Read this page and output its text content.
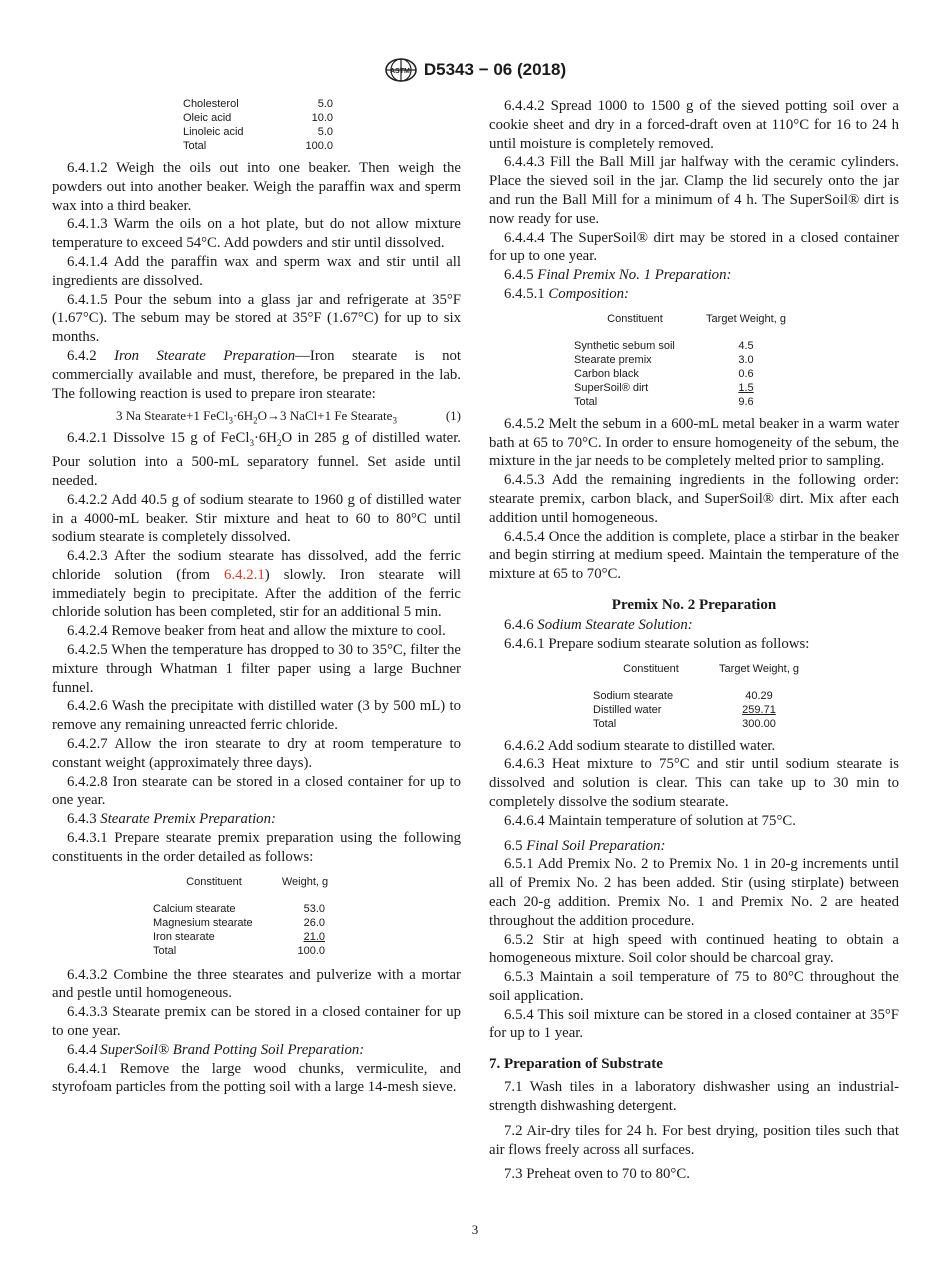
ASTM D5343 − 06 (2018)
Cholesterol	5.0
Oleic acid	10.0
Linoleic acid	5.0
Total	100.0

6.4.1.2 Weigh the oils out into one beaker. Then weigh the powders out into another beaker. Weigh the paraffin wax and sperm wax into a third beaker.

6.4.1.3 Warm the oils on a hot plate, but do not allow mixture temperature to exceed 54°C. Add powders and stir until dissolved.

6.4.1.4 Add the paraffin wax and sperm wax and stir until all ingredients are dissolved.

6.4.1.5 Pour the sebum into a glass jar and refrigerate at 35°F (1.67°C). The sebum may be stored at 35°F (1.67°C) for up to six months.

6.4.2 Iron Stearate Preparation—Iron stearate is not commercially available and must, therefore, be prepared in the lab. The following reaction is used to prepare iron stearate:

3 Na Stearate+1 $FeCl_3\cdot 6H_2O\to 3$ NaCl+1 Fe Stearate$_3$	(1)

6.4.2.1 Dissolve 15 g of $FeCl_3\cdot 6H_2O$ in 285 g of distilled water. Pour solution into a 500-mL separatory funnel. Set aside until needed.

6.4.2.2 Add 40.5 g of sodium stearate to 1960 g of distilled water in a 4000-mL beaker. Stir mixture and heat to 60 to 80°C until sodium stearate is completely dissolved.

6.4.2.3 After the sodium stearate has dissolved, add the ferric chloride solution (from 6.4.2.1) slowly. Iron stearate will immediately begin to precipitate. After the addition of the ferric chloride solution has been completed, stir for an additional 5 min.

6.4.2.4 Remove beaker from heat and allow the mixture to cool.

6.4.2.5 When the temperature has dropped to 30 to 35°C, filter the mixture through Whatman 1 filter paper using a large Buchner funnel.

6.4.2.6 Wash the precipitate with distilled water (3 by 500 mL) to remove any remaining unreacted ferric chloride.

6.4.2.7 Allow the iron stearate to dry at room temperature to constant weight (approximately three days).

6.4.2.8 Iron stearate can be stored in a closed container for up to one year.

6.4.3 Stearate Premix Preparation:

6.4.3.1 Prepare stearate premix preparation using the following constituents in the order detailed as follows:

Constituent	Weight, g
Calcium stearate	53.0
Magnesium stearate	26.0
Iron stearate	21.0
Total	100.0

6.4.3.2 Combine the three stearates and pulverize with a mortar and pestle until homogeneous.

6.4.3.3 Stearate premix can be stored in a closed container for up to one year.

6.4.4 SuperSoil® Brand Potting Soil Preparation:

6.4.4.1 Remove the large wood chunks, vermiculite, and styrofoam particles from the potting soil with a large 14-mesh sieve.

6.4.4.2 Spread 1000 to 1500 g of the sieved potting soil over a cookie sheet and dry in a forced-draft oven at 110°C for 16 to 24 h until moisture is completely removed.

6.4.4.3 Fill the Ball Mill jar halfway with the ceramic cylinders. Place the sieved soil in the jar. Clamp the lid securely onto the jar and run the Ball Mill for a minimum of 4 h. The SuperSoil® dirt is now ready for use.

6.4.4.4 The SuperSoil® dirt may be stored in a closed container for up to one year.

6.4.5 Final Premix No. 1 Preparation:

6.4.5.1 Composition:

Constituent	Target Weight, g
Synthetic sebum soil	4.5
Stearate premix	3.0
Carbon black	0.6
SuperSoil® dirt	1.5
Total	9.6

6.4.5.2 Melt the sebum in a 600-mL metal beaker in a warm water bath at 65 to 70°C. In order to ensure homogeneity of the sebum, the mixture in the jar needs to be completely melted prior to sampling.

6.4.5.3 Add the remaining ingredients in the following order: stearate premix, carbon black, and SuperSoil® dirt. Mix after each addition until homogeneous.

6.4.5.4 Once the addition is complete, place a stirbar in the beaker and begin stirring at medium speed. Maintain the temperature of the mixture at 65 to 70°C.

Premix No. 2 Preparation

6.4.6 Sodium Stearate Solution:

6.4.6.1 Prepare sodium stearate solution as follows:

Constituent	Target Weight, g
Sodium stearate	40.29
Distilled water	259.71
Total	300.00

6.4.6.2 Add sodium stearate to distilled water.

6.4.6.3 Heat mixture to 75°C and stir until sodium stearate is dissolved and solution is clear. This can take up to 30 min to completely dissolve the sodium stearate.

6.4.6.4 Maintain temperature of solution at 75°C.

6.5 Final Soil Preparation:

6.5.1 Add Premix No. 2 to Premix No. 1 in 20-g increments until all of Premix No. 2 has been added. Stir (using stirplate) between each 20-g addition. Premix No. 1 and Premix No. 2 are heated throughout the addition procedure.

6.5.2 Stir at high speed with continued heating to obtain a homogeneous mixture. Soil color should be charcoal gray.

6.5.3 Maintain a soil temperature of 75 to 80°C throughout the soil application.

6.5.4 This soil mixture can be stored in a closed container at 35°F for up to 1 year.

7. Preparation of Substrate

7.1 Wash tiles in a laboratory dishwasher using an industrial-strength dishwashing detergent.

7.2 Air-dry tiles for 24 h. For best drying, position tiles such that air flows freely across all surfaces.

7.3 Preheat oven to 70 to 80°C.

3
